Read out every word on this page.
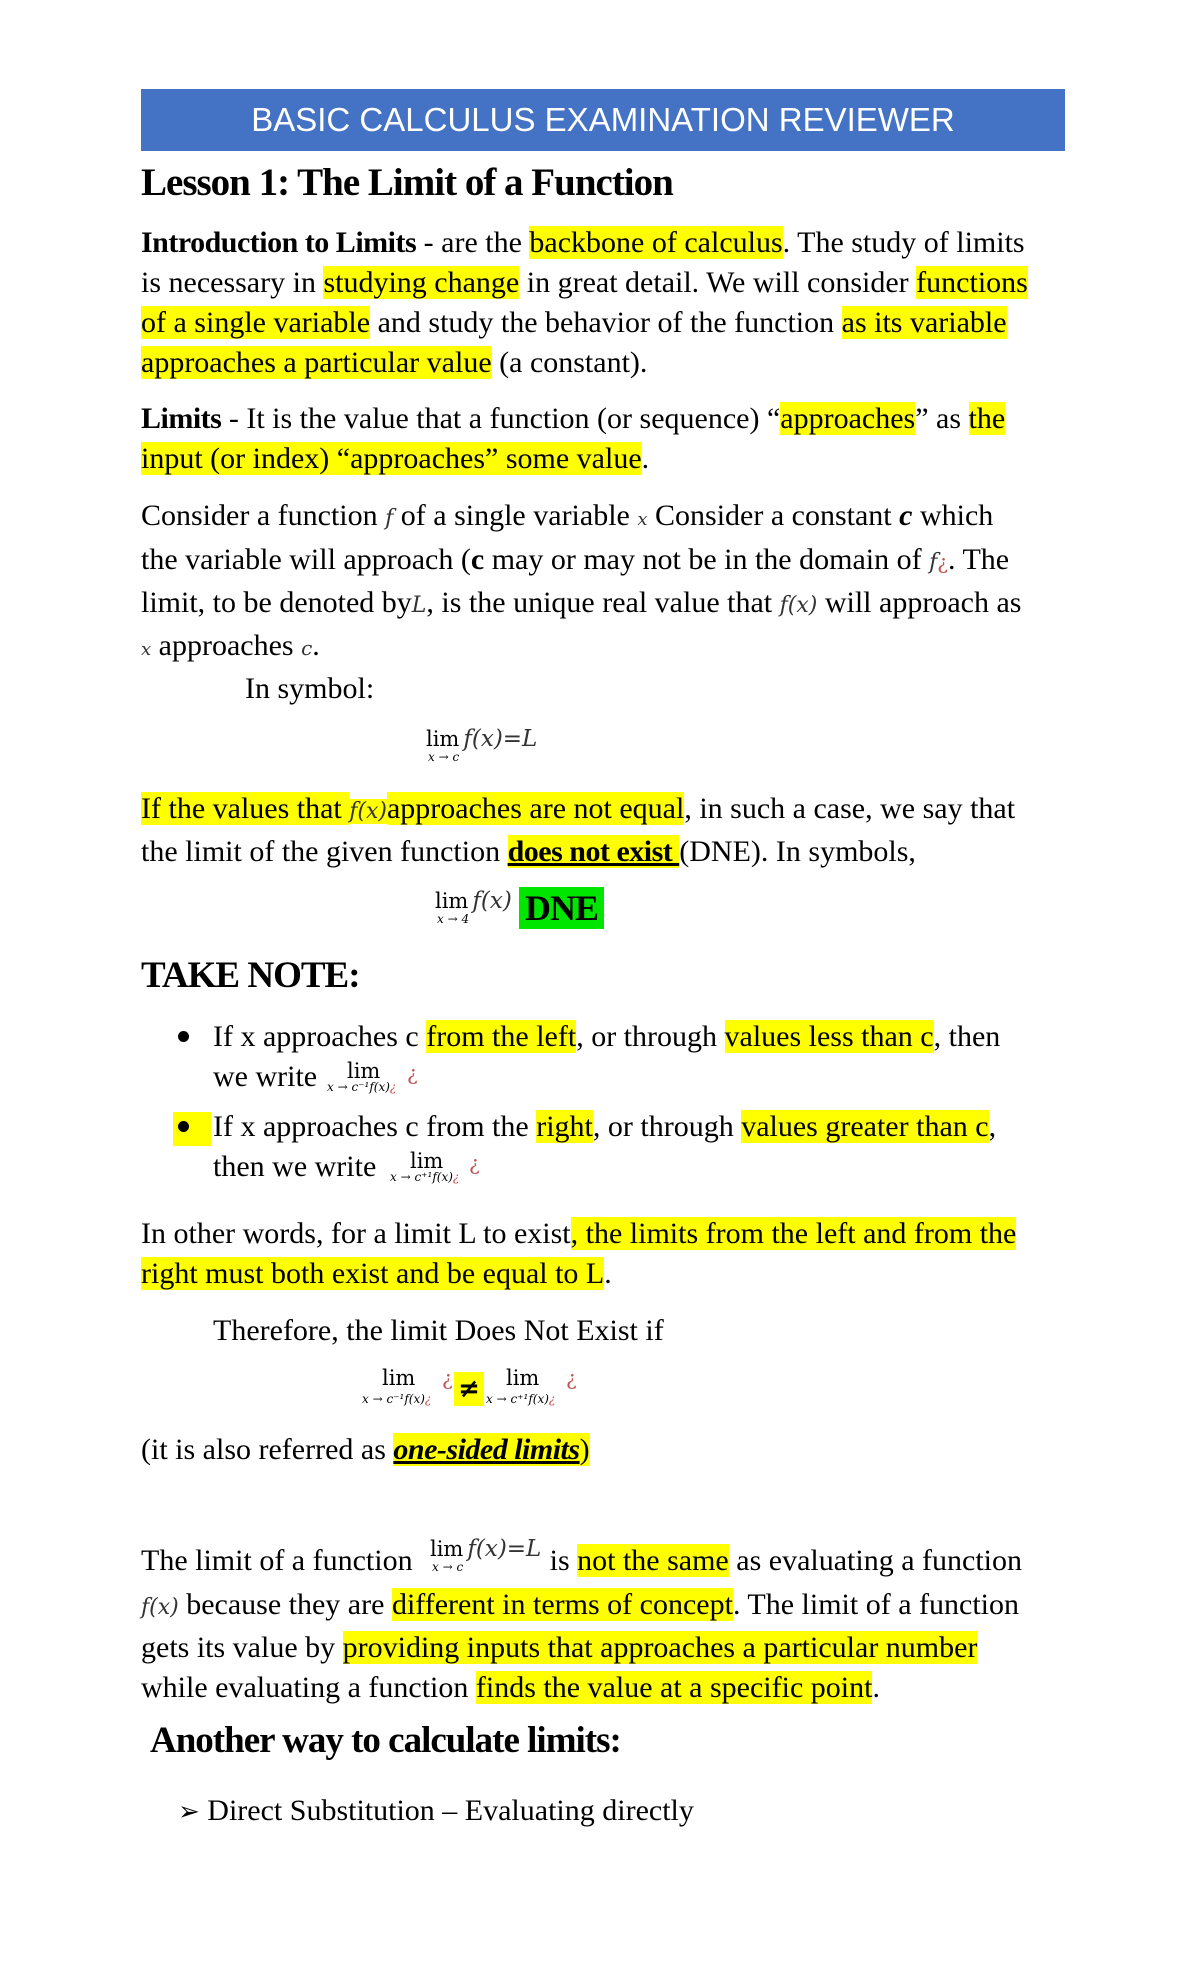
BASIC CALCULUS EXAMINATION REVIEWER
Lesson 1: The Limit of a Function
Introduction to Limits - are the backbone of calculus. The study of limits
is necessary in studying change in great detail. We will consider functions
of a single variable and study the behavior of the function as its variable
approaches a particular value (a constant).
Limits - It is the value that a function (or sequence) “approaches” as the
input (or index) “approaches” some value.
Consider a function f of a single variable x Consider a constant c which
the variable will approach (c may or may not be in the domain of f¿. The
limit, to be denoted byL, is the unique real value that f(x) will approach as
x approaches c.
In symbol:
lim f(x)=L
x → c
If the values that f(x)approaches are not equal, in such a case, we say that
the limit of the given function does not exist (DNE). In symbols,
lim f(x)
x → 4	DNE
TAKE NOTE:
If x approaches c from the left, or through values less than c, then
we write	lim
x → c⁻¹f(x)¿
¿
If x approaches c from the right, or through values greater than c,
then we write	lim
x → c⁺¹f(x)¿
¿
In other words, for a limit L to exist, the limits from the left and from the
right must both exist and be equal to L.
Therefore, the limit Does Not Exist if
lim ¿
x → c⁻¹f(x)¿ ≠ lim ¿
x → c⁺¹f(x)¿
(it is also referred as one-sided limits)
The limit of a function	is not the same as evaluating a function
f(x) because they are different in terms of concept. The limit of a function
gets its value by providing inputs that approaches a particular number
while evaluating a function finds the value at a specific point.
lim f(x)=L
x → c
Another way to calculate limits:
➢ Direct Substitution – Evaluating directly
